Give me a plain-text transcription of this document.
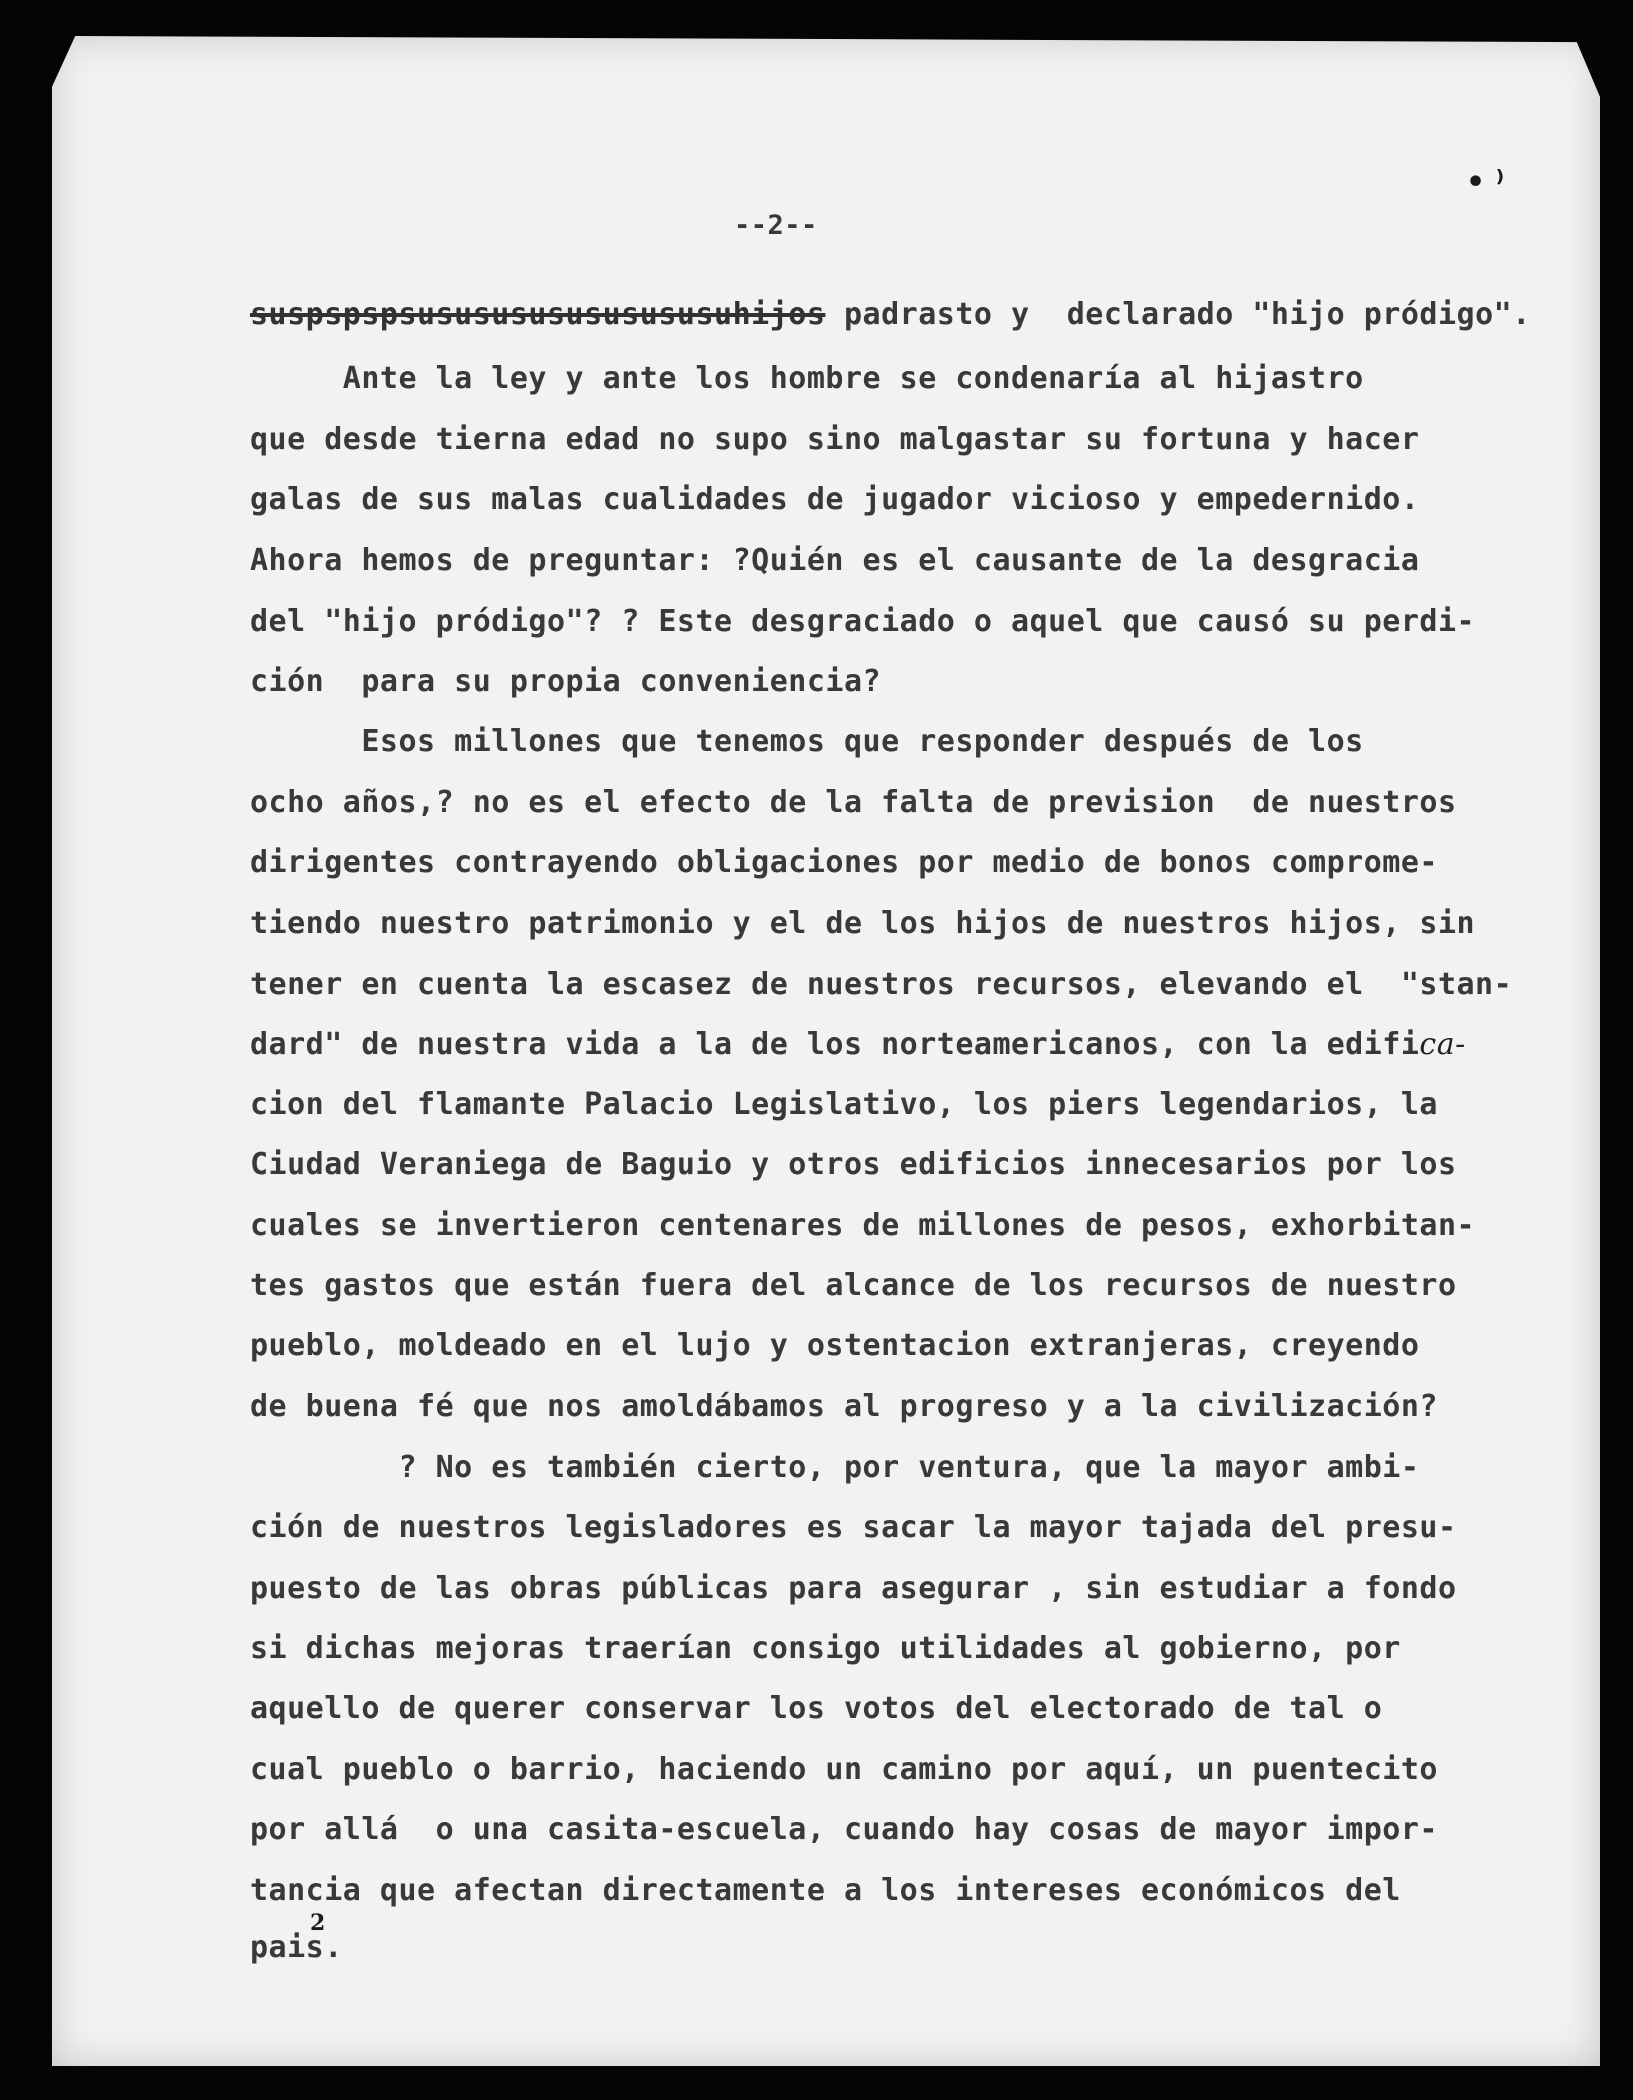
• ⁾
--2--
suspspspsususususususususuhijos padrasto y  declarado "hijo pródigo".
Ante la ley y ante los hombre se condenaría al hijastro
que desde tierna edad no supo sino malgastar su fortuna y hacer
galas de sus malas cualidades de jugador vicioso y empedernido.
Ahora hemos de preguntar: ?Quién es el causante de la desgracia
del "hijo pródigo"? ? Este desgraciado o aquel que causó su perdi-
ción  para su propia conveniencia?
Esos millones que tenemos que responder después de los
ocho años,? no es el efecto de la falta de prevision  de nuestros
dirigentes contrayendo obligaciones por medio de bonos comprome-
tiendo nuestro patrimonio y el de los hijos de nuestros hijos, sin
tener en cuenta la escasez de nuestros recursos, elevando el  "stan-
dard" de nuestra vida a la de los norteamericanos, con la edifica-
cion del flamante Palacio Legislativo, los piers legendarios, la
Ciudad Veraniega de Baguio y otros edificios innecesarios por los
cuales se invertieron centenares de millones de pesos, exhorbitan-
tes gastos que están fuera del alcance de los recursos de nuestro
pueblo, moldeado en el lujo y ostentacion extranjeras, creyendo
de buena fé que nos amoldábamos al progreso y a la civilización?
? No es también cierto, por ventura, que la mayor ambi-
ción de nuestros legisladores es sacar la mayor tajada del presu-
puesto de las obras públicas para asegurar , sin estudiar a fondo
si dichas mejoras traerían consigo utilidades al gobierno, por
aquello de querer conservar los votos del electorado de tal o
cual pueblo o barrio, haciendo un camino por aquí, un puentecito
por allá  o una casita-escuela, cuando hay cosas de mayor impor-
tancia que afectan directamente a los intereses económicos del
pais.
2
